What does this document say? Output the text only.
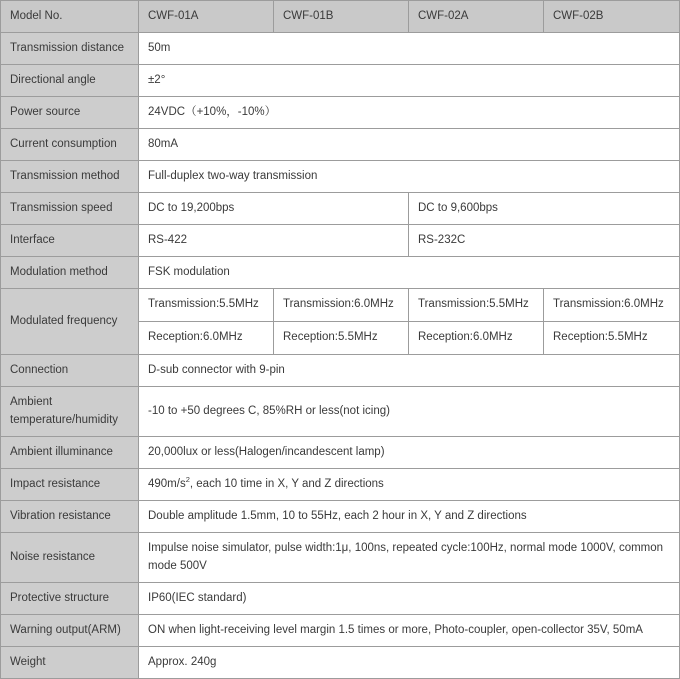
Model No.	CWF-01A	CWF-01B	CWF-02A	CWF-02B
Transmission distance	50m			
Directional angle	±2°			
Power source	24VDC（+10%，-10%）			
Current consumption	80mA			
Transmission method	Full-duplex two-way transmission			
Transmission speed	DC to 19,200bps		DC to 9,600bps	
Interface	RS-422		RS-232C	
Modulation method	FSK modulation			
Modulated frequency	Transmission:5.5MHz	Transmission:6.0MHz	Transmission:5.5MHz	Transmission:6.0MHz
	Reception:6.0MHz	Reception:5.5MHz	Reception:6.0MHz	Reception:5.5MHz
Connection	D-sub connector with 9-pin			
Ambient temperature/humidity	-10 to +50 degrees C, 85%RH or less(not icing)			
Ambient illuminance	20,000lux or less(Halogen/incandescent lamp)			
Impact resistance	$490m/s^2$, each 10 time in X, Y and Z directions			
Vibration resistance	Double amplitude 1.5mm, 10 to 55Hz, each 2 hour in X, Y and Z directions			
Noise resistance	Impulse noise simulator, pulse width:1μ, 100ns, repeated cycle:100Hz, normal mode 1000V, common mode 500V			
Protective structure	IP60(IEC standard)			
Warning output(ARM)	ON when light-receiving level margin 1.5 times or more, Photo-coupler, open-collector 35V, 50mA			
Weight	Approx. 240g			
